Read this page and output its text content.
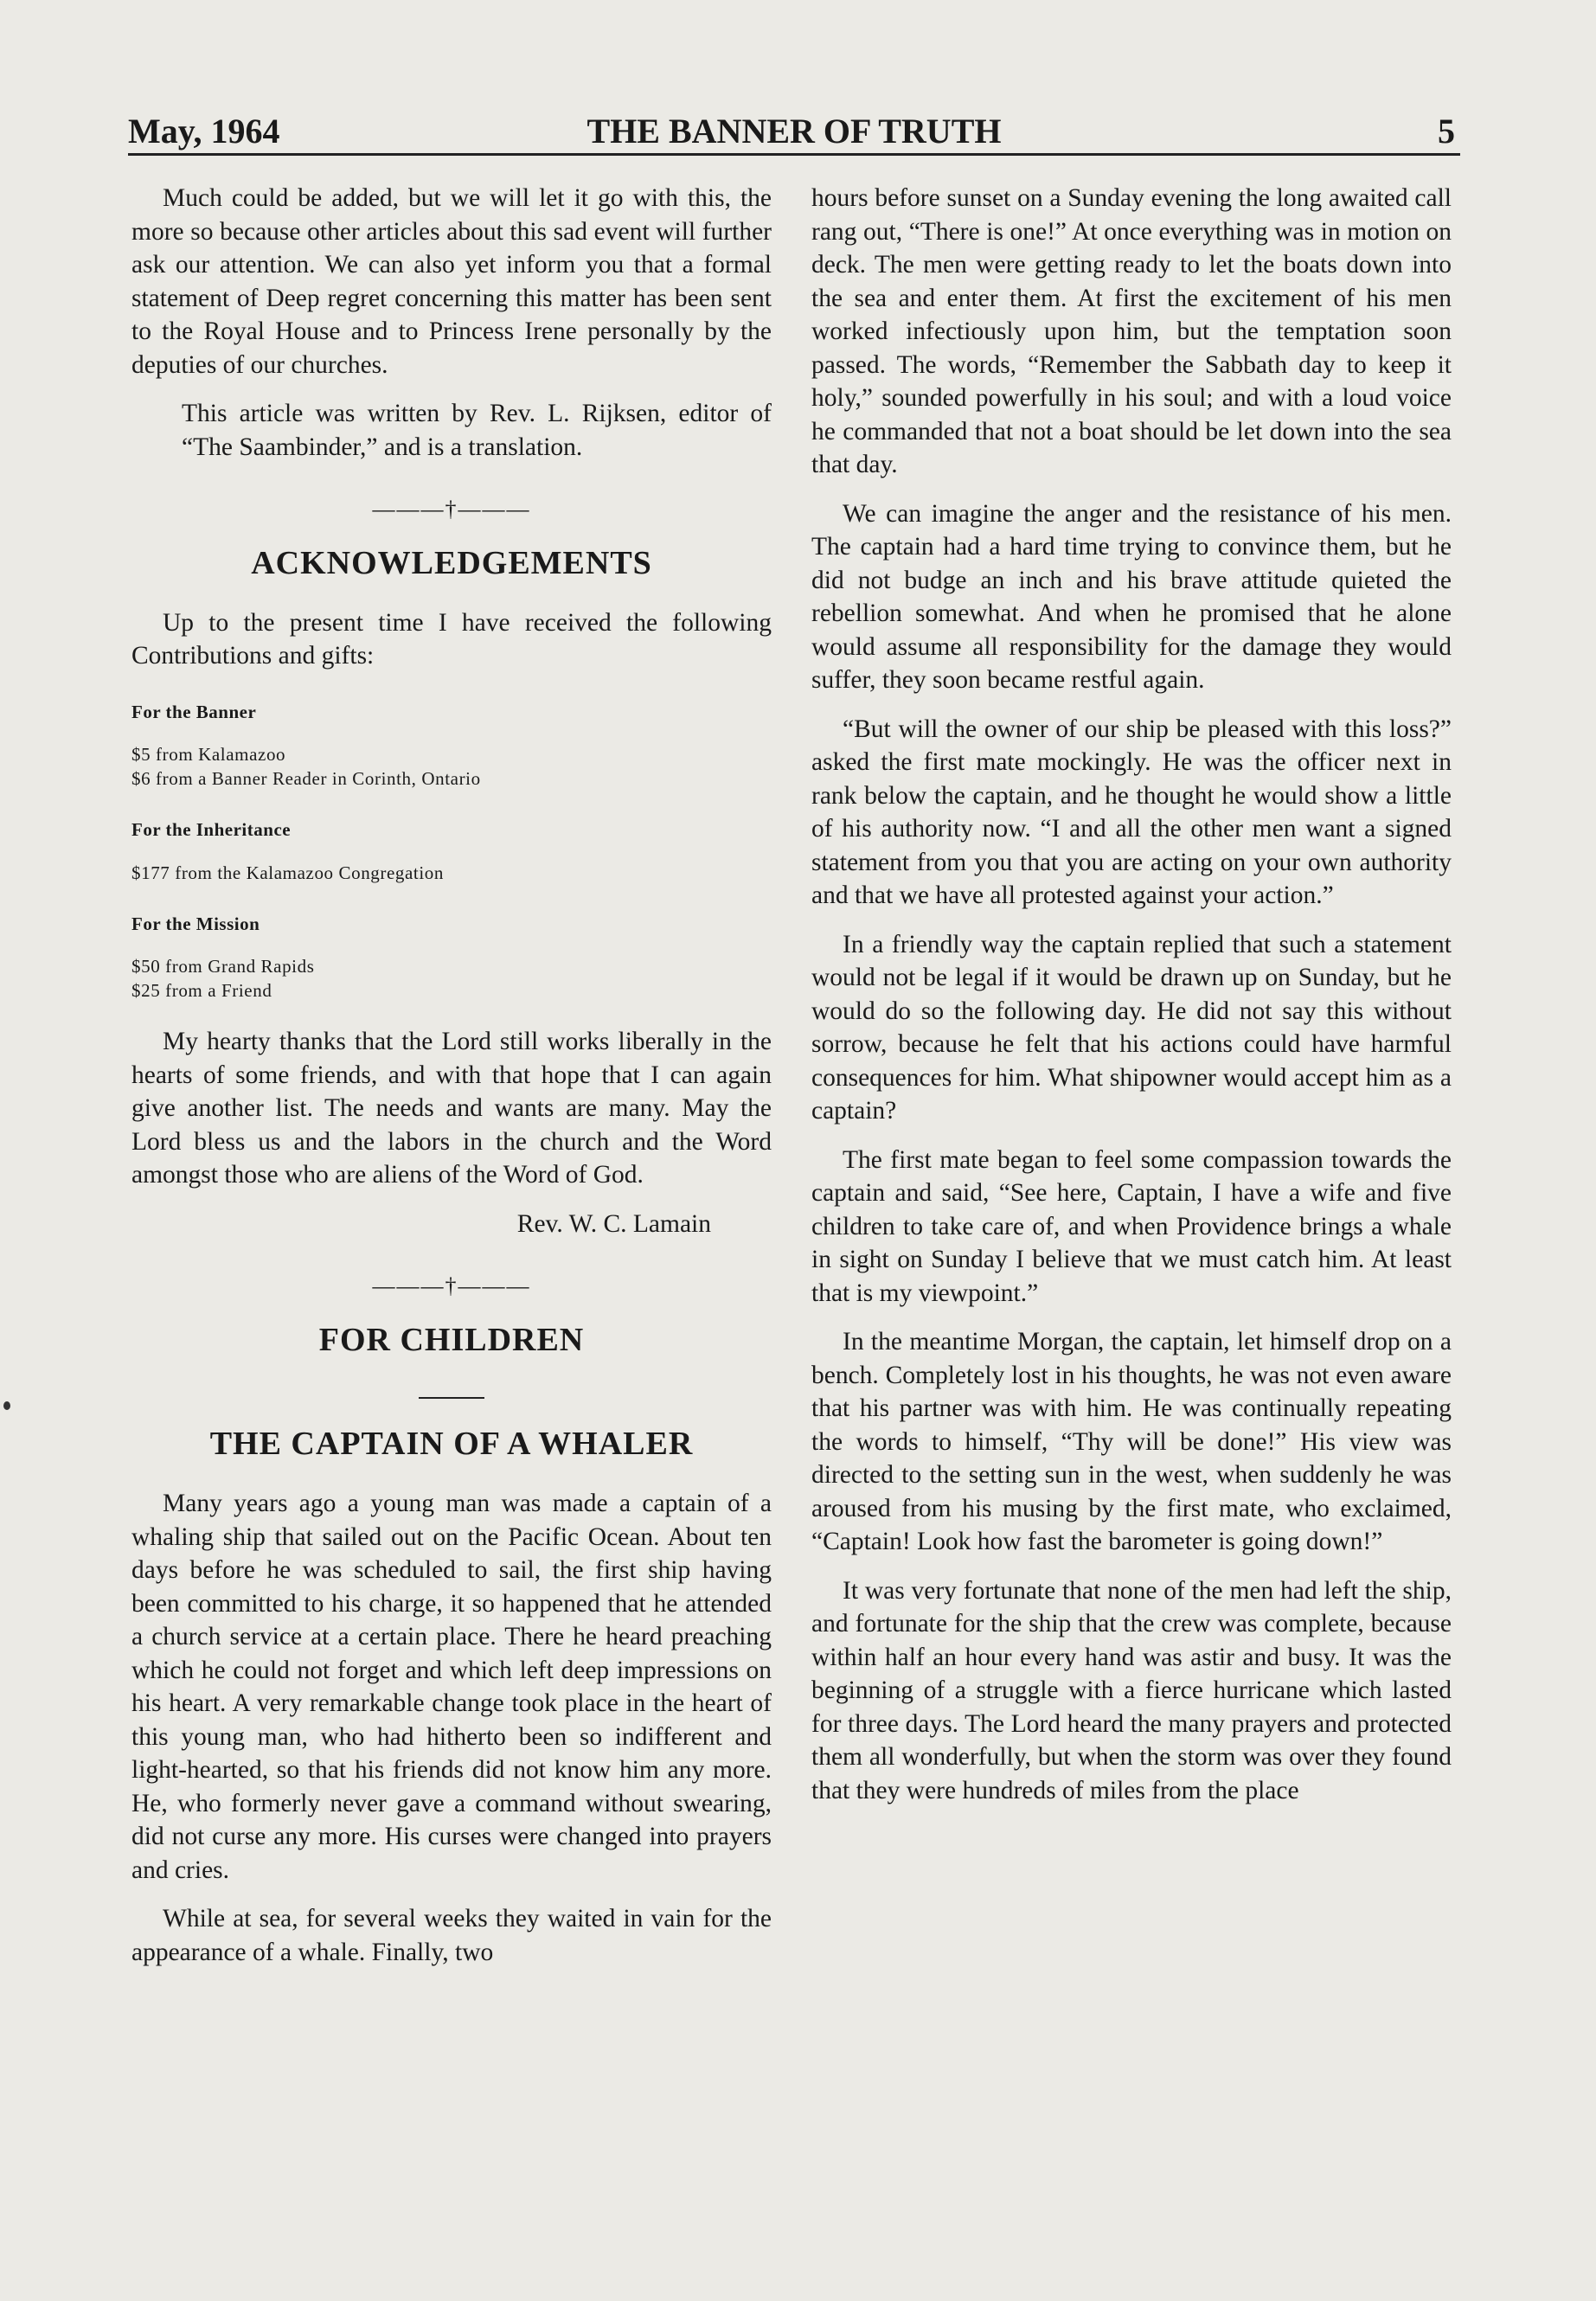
THE BANNER OF TRUTH
May, 1964	5

Much could be added, but we will let it go with this, the more so because other articles about this sad event will further ask our attention. We can also yet inform you that a formal statement of Deep regret concerning this matter has been sent to the Royal House and to Princess Irene personally by the deputies of our churches.

This article was written by Rev. L. Rijksen, editor of “The Saambinder,” and is a translation.

———†———
ACKNOWLEDGEMENTS

Up to the present time I have received the following Contributions and gifts:

For the Banner
$5 from Kalamazoo
$6 from a Banner Reader in Corinth, Ontario
For the Inheritance
$177 from the Kalamazoo Congregation
For the Mission
$50 from Grand Rapids
$25 from a Friend

My hearty thanks that the Lord still works liberally in the hearts of some friends, and with that hope that I can again give another list. The needs and wants are many. May the Lord bless us and the labors in the church and the Word amongst those who are aliens of the Word of God.

Rev. W. C. Lamain
———†———
FOR CHILDREN
THE CAPTAIN OF A WHALER

Many years ago a young man was made a captain of a whaling ship that sailed out on the Pacific Ocean. About ten days before he was scheduled to sail, the first ship having been committed to his charge, it so happened that he attended a church service at a certain place. There he heard preaching which he could not forget and which left deep impressions on his heart. A very remarkable change took place in the heart of this young man, who had hitherto been so indifferent and light-hearted, so that his friends did not know him any more. He, who formerly never gave a command without swearing, did not curse any more. His curses were changed into prayers and cries.

While at sea, for several weeks they waited in vain for the appearance of a whale. Finally, two

hours before sunset on a Sunday evening the long awaited call rang out, “There is one!” At once everything was in motion on deck. The men were getting ready to let the boats down into the sea and enter them. At first the excitement of his men worked infectiously upon him, but the temptation soon passed. The words, “Remember the Sabbath day to keep it holy,” sounded powerfully in his soul; and with a loud voice he commanded that not a boat should be let down into the sea that day.

We can imagine the anger and the resistance of his men. The captain had a hard time trying to convince them, but he did not budge an inch and his brave attitude quieted the rebellion somewhat. And when he promised that he alone would assume all responsibility for the damage they would suffer, they soon became restful again.

“But will the owner of our ship be pleased with this loss?” asked the first mate mockingly. He was the officer next in rank below the captain, and he thought he would show a little of his authority now. “I and all the other men want a signed statement from you that you are acting on your own authority and that we have all protested against your action.”

In a friendly way the captain replied that such a statement would not be legal if it would be drawn up on Sunday, but he would do so the following day. He did not say this without sorrow, because he felt that his actions could have harmful consequences for him. What shipowner would accept him as a captain?

The first mate began to feel some compassion towards the captain and said, “See here, Captain, I have a wife and five children to take care of, and when Providence brings a whale in sight on Sunday I believe that we must catch him. At least that is my viewpoint.”

In the meantime Morgan, the captain, let himself drop on a bench. Completely lost in his thoughts, he was not even aware that his partner was with him. He was continually repeating the words to himself, “Thy will be done!” His view was directed to the setting sun in the west, when suddenly he was aroused from his musing by the first mate, who exclaimed, “Captain! Look how fast the barometer is going down!”

It was very fortunate that none of the men had left the ship, and fortunate for the ship that the crew was complete, because within half an hour every hand was astir and busy. It was the beginning of a struggle with a fierce hurricane which lasted for three days. The Lord heard the many prayers and protected them all wonderfully, but when the storm was over they found that they were hundreds of miles from the place
